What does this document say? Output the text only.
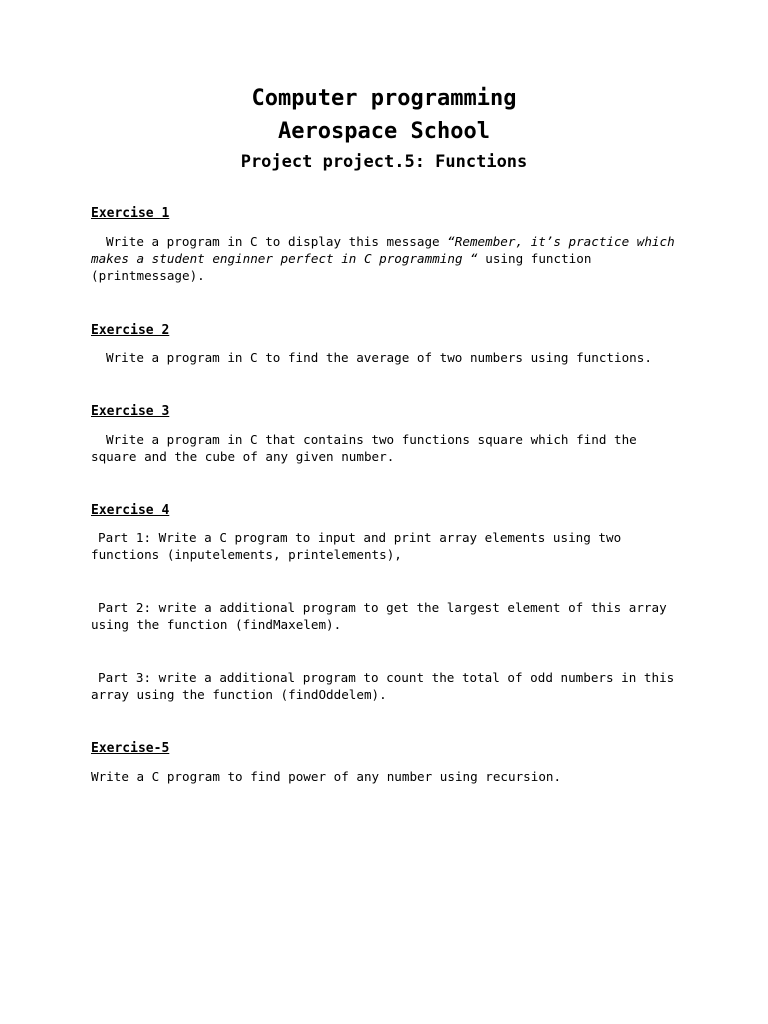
Computer programming
Aerospace School
Project project.5: Functions
Exercise 1

Write a program in C to display this message “Remember, it’s practice which makes a student enginner perfect in C programming “ using function (printmessage).

Exercise 2

Write a program in C to find the average of two numbers using functions.

Exercise 3

Write a program in C that contains two functions square which find the square and the cube of any given number.

Exercise 4

Part 1: Write a C program to input and print array elements using two functions (inputelements, printelements),

Part 2: write a additional program to get the largest element of this array using the function (findMaxelem).

Part 3: write a additional program to count the total of odd numbers in this array using the function (findOddelem).

Exercise-5

Write a C program to find power of any number using recursion.
